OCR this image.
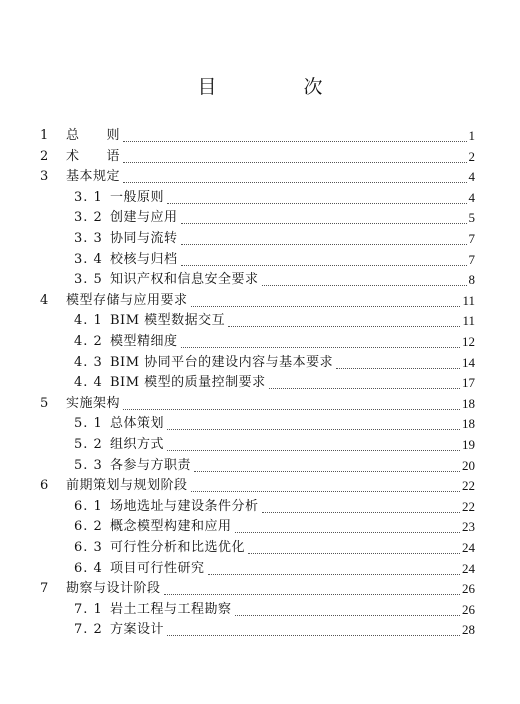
目　次
1 总　　则	1
2 术　　语	2
3 基本规定	4
3. 1 一般原则	4
3. 2 创建与应用	5
3. 3 协同与流转	7
3. 4 校核与归档	7
3. 5 知识产权和信息安全要求	8
4 模型存储与应用要求	11
4. 1 BIM 模型数据交互	11
4. 2 模型精细度	12
4. 3 BIM 协同平台的建设内容与基本要求	14
4. 4 BIM 模型的质量控制要求	17
5 实施架构	18
5. 1 总体策划	18
5. 2 组织方式	19
5. 3 各参与方职责	20
6 前期策划与规划阶段	22
6. 1 场地选址与建设条件分析	22
6. 2 概念模型构建和应用	23
6. 3 可行性分析和比选优化	24
6. 4 项目可行性研究	24
7 勘察与设计阶段	26
7. 1 岩土工程与工程勘察	26
7. 2 方案设计	28
